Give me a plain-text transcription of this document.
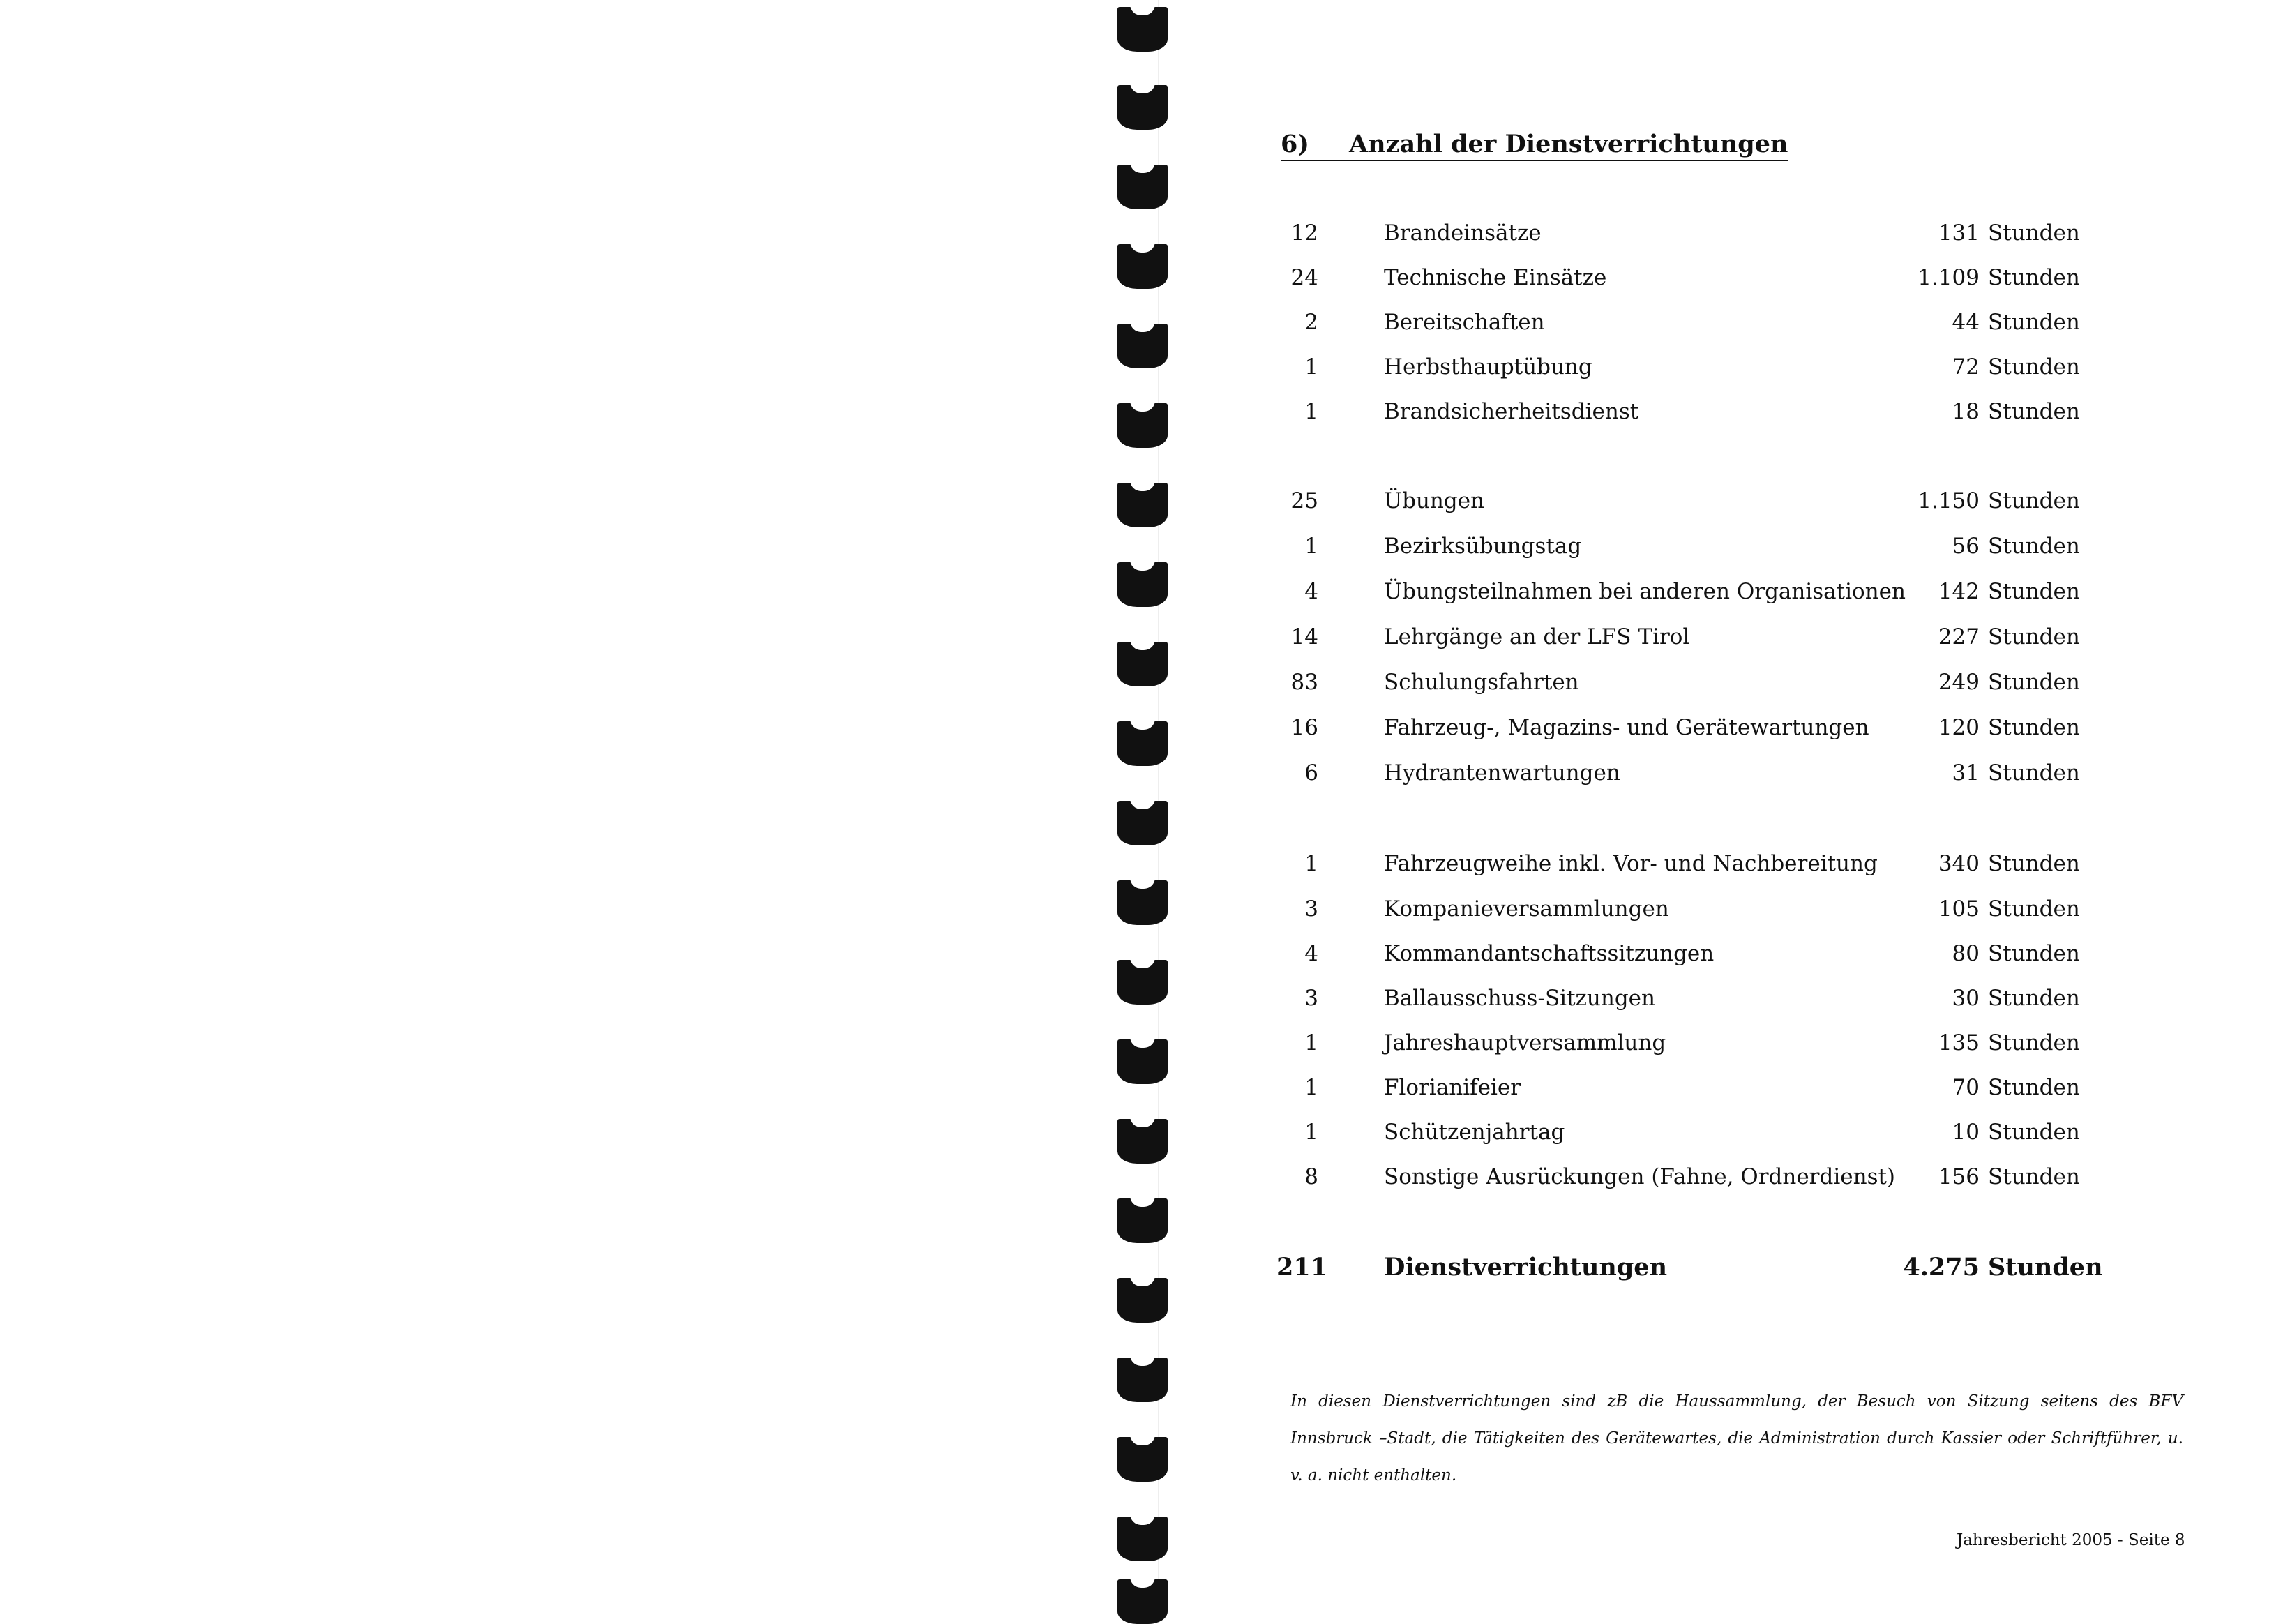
6) Anzahl der Dienstverrichtungen
12	Brandeinsätze	131 Stunden
24	Technische Einsätze	1.109 Stunden
2	Bereitschaften	44 Stunden
1	Herbsthauptübung	72 Stunden
1	Brandsicherheitsdienst	18 Stunden
25	Übungen	1.150 Stunden
1	Bezirksübungstag	56 Stunden
4	Übungsteilnahmen bei anderen Organisationen	142 Stunden
14	Lehrgänge an der LFS Tirol	227 Stunden
83	Schulungsfahrten	249 Stunden
16	Fahrzeug-, Magazins- und Gerätewartungen	120 Stunden
6	Hydrantenwartungen	31 Stunden
1	Fahrzeugweihe inkl. Vor- und Nachbereitung	340 Stunden
3	Kompanieversammlungen	105 Stunden
4	Kommandantschaftssitzungen	80 Stunden
3	Ballausschuss-Sitzungen	30 Stunden
1	Jahreshauptversammlung	135 Stunden
1	Florianifeier	70 Stunden
1	Schützenjahrtag	10 Stunden
8	Sonstige Ausrückungen (Fahne, Ordnerdienst)	156 Stunden
211 Dienstverrichtungen	4.275 Stunden

In diesen Dienstverrichtungen sind zB die Haussammlung, der Besuch von Sitzung seitens des BFV Innsbruck –Stadt, die Tätigkeiten des Gerätewartes, die Administration durch Kassier oder Schriftführer, u. v. a. nicht enthalten.

Jahresbericht 2005 - Seite 8
